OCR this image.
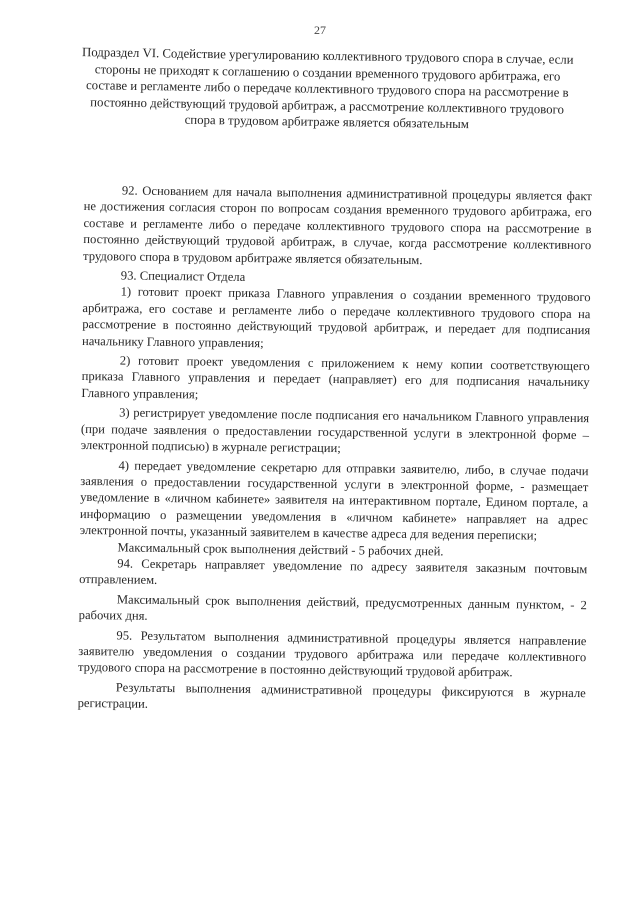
27
Подраздел VI. Содействие урегулированию коллективного трудового спора в случае, если стороны не приходят к соглашению о создании временного трудового арбитража, его составе и регламенте либо о передаче коллективного трудового спора на рассмотрение в постоянно действующий трудовой арбитраж, а рассмотрение коллективного трудового спора в трудовом арбитраже является обязательным

92. Основанием для начала выполнения административной процедуры является факт не достижения согласия сторон по вопросам создания временного трудового арбитража, его составе и регламенте либо о передаче коллективного трудового спора на рассмотрение в постоянно действующий трудовой арбитраж, в случае, когда рассмотрение коллективного трудового спора в трудовом арбитраже является обязательным.

93. Специалист Отдела

1) готовит проект приказа Главного управления о создании временного трудового арбитража, его составе и регламенте либо о передаче коллективного трудового спора на рассмотрение в постоянно действующий трудовой арбитраж, и передает для подписания начальнику Главного управления;

2) готовит проект уведомления с приложением к нему копии соответствующего приказа Главного управления и передает (направляет) его для подписания начальнику Главного управления;

3) регистрирует уведомление после подписания его начальником Главного управления (при подаче заявления о предоставлении государственной услуги в электронной форме – электронной подписью) в журнале регистрации;

4) передает уведомление секретарю для отправки заявителю, либо, в случае подачи заявления о предоставлении государственной услуги в электронной форме, - размещает уведомление в «личном кабинете» заявителя на интерактивном портале, Едином портале, а информацию о размещении уведомления в «личном кабинете» направляет на адрес электронной почты, указанный заявителем в качестве адреса для ведения переписки;

Максимальный срок выполнения действий - 5 рабочих дней.

94. Секретарь направляет уведомление по адресу заявителя заказным почтовым отправлением.

Максимальный срок выполнения действий, предусмотренных данным пунктом, - 2 рабочих дня.

95. Результатом выполнения административной процедуры является направление заявителю уведомления о создании трудового арбитража или передаче коллективного трудового спора на рассмотрение в постоянно действующий трудовой арбитраж.

Результаты выполнения административной процедуры фиксируются в журнале регистрации.
